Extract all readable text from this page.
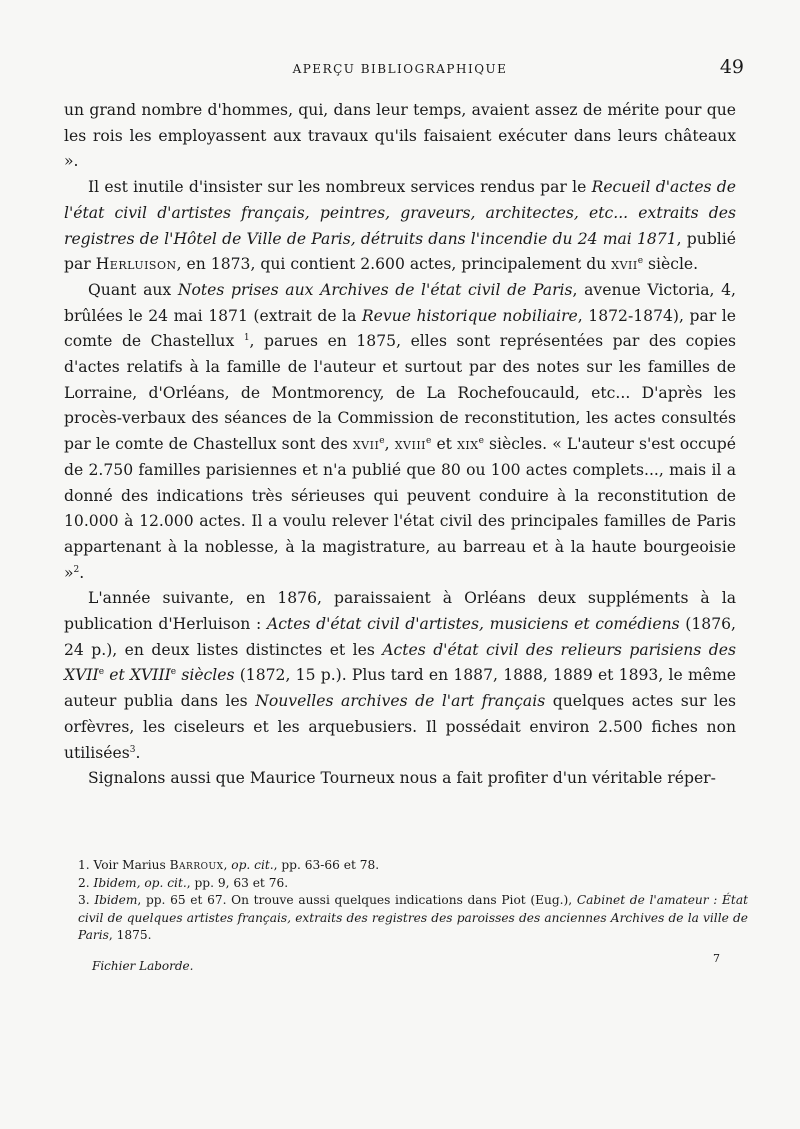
APERÇU BIBLIOGRAPHIQUE	49

un grand nombre d'hommes, qui, dans leur temps, avaient assez de mérite pour que les rois les employassent aux travaux qu'ils faisaient exécuter dans leurs châteaux ».

Il est inutile d'insister sur les nombreux services rendus par le Recueil d'actes de l'état civil d'artistes français, peintres, graveurs, architectes, etc... extraits des registres de l'Hôtel de Ville de Paris, détruits dans l'incendie du 24 mai 1871, publié par Herluison, en 1873, qui contient 2.600 actes, principalement du xvii$^e$ siècle.

Quant aux Notes prises aux Archives de l'état civil de Paris, avenue Victoria, 4, brûlées le 24 mai 1871 (extrait de la Revue historique nobiliaire, 1872-1874), par le comte de Chastellux $^1$, parues en 1875, elles sont représentées par des copies d'actes relatifs à la famille de l'auteur et surtout par des notes sur les familles de Lorraine, d'Orléans, de Montmorency, de La Rochefoucauld, etc... D'après les procès-verbaux des séances de la Commission de reconstitution, les actes consultés par le comte de Chastellux sont des xvii$^e$, xviii$^e$ et xix$^e$ siècles. « L'auteur s'est occupé de 2.750 familles parisiennes et n'a publié que 80 ou 100 actes complets..., mais il a donné des indications très sérieuses qui peuvent conduire à la reconstitution de 10.000 à 12.000 actes. Il a voulu relever l'état civil des principales familles de Paris appartenant à la noblesse, à la magistrature, au barreau et à la haute bourgeoisie »$^2$.

L'année suivante, en 1876, paraissaient à Orléans deux suppléments à la publication d'Herluison : Actes d'état civil d'artistes, musiciens et comédiens (1876, 24 p.), en deux listes distinctes et les Actes d'état civil des relieurs parisiens des XVIIe et XVIIIe siècles (1872, 15 p.). Plus tard en 1887, 1888, 1889 et 1893, le même auteur publia dans les Nouvelles archives de l'art français quelques actes sur les orfèvres, les ciseleurs et les arquebusiers. Il possédait environ 2.500 fiches non utilisées$^3$.

Signalons aussi que Maurice Tourneux nous a fait profiter d'un véritable réper-

1. Voir Marius Barroux, op. cit., pp. 63-66 et 78.

2. Ibidem, op. cit., pp. 9, 63 et 76.

3. Ibidem, pp. 65 et 67. On trouve aussi quelques indications dans Piot (Eug.), Cabinet de l'amateur : État civil de quelques artistes français, extraits des registres des paroisses des anciennes Archives de la ville de Paris, 1875.

Fichier Laborde.
7
